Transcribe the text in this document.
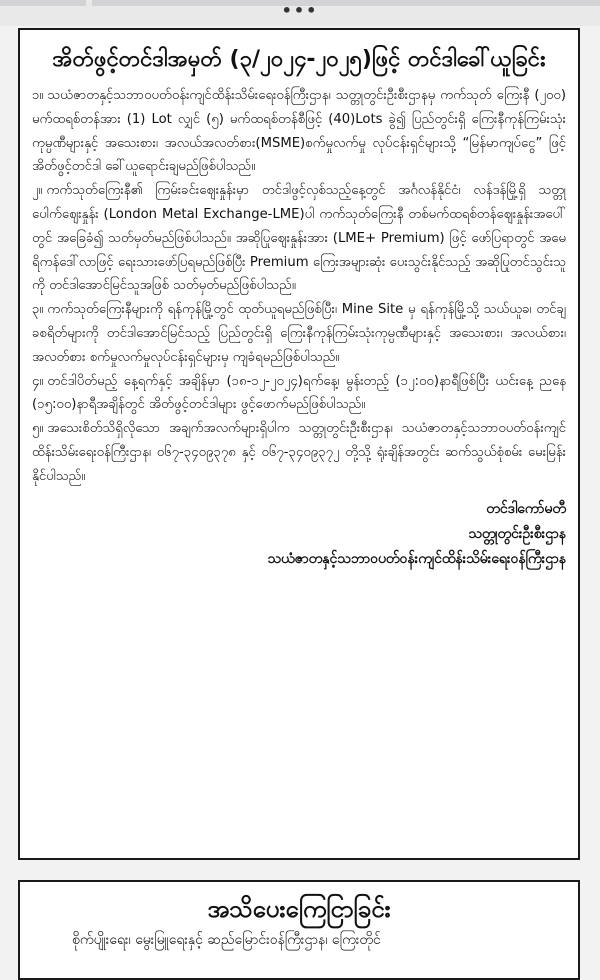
•••
အိတ်ဖွင့်တင်ဒါအမှတ် (၃/၂၀၂၄-၂၀၂၅)ဖြင့် တင်ဒါခေါ်ယူခြင်း

၁။ သယံဇာတနှင့်သဘာဝပတ်ဝန်းကျင်ထိန်းသိမ်းရေးဝန်ကြီးဌာန၊ သတ္တုတွင်းဦးစီးဌာနမှ ကက်သုတ် ကြေးနီ (၂၀၀) မက်ထရစ်တန်အား (1) Lot လျှင် (၅) မက်ထရစ်တန်စီဖြင့် (40)Lots ခွဲ၍ ပြည်တွင်းရှိ ကြေးနီကုန်ကြမ်းသုံးကုမ္ပဏီများနှင့် အသေးစား၊ အလယ်အလတ်စား(MSME)စက်မှုလက်မှု လုပ်ငန်းရှင်များသို့ “မြန်မာကျပ်ငွေ” ဖြင့် အိတ်ဖွင့်တင်ဒါ ခေါ်ယူရောင်းချမည်ဖြစ်ပါသည်။

၂။ ကက်သုတ်ကြေးနီ၏ ကြမ်းခင်းဈေးနှုန်းမှာ တင်ဒါဖွင့်လှစ်သည့်နေ့တွင် အင်္ဂလန်နိုင်ငံ၊ လန်ဒန်မြို့ရှိ သတ္တုပေါက်ဈေးနှုန်း (London Metal Exchange-LME)ပါ ကက်သုတ်ကြေးနီ တစ်မက်ထရစ်တန်ဈေးနှုန်းအပေါ်တွင် အခြေခံ၍ သတ်မှတ်မည်ဖြစ်ပါသည်။ အဆိုပြုဈေးနှုန်းအား (LME+ Premium) ဖြင့် ဖော်ပြရာတွင် အမေရိကန်ဒေါ်လာဖြင့် ရေးသားဖော်ပြရမည်ဖြစ်ပြီး Premium ကြေးအများဆုံး ပေးသွင်းနိုင်သည့် အဆိုပြုတင်သွင်းသူကို တင်ဒါအောင်မြင်သူအဖြစ် သတ်မှတ်မည်ဖြစ်ပါသည်။

၃။ ကက်သုတ်ကြေးနီများကို ရန်ကုန်မြို့တွင် ထုတ်ယူရမည်ဖြစ်ပြီး၊ Mine Site မှ ရန်ကုန်မြို့သို့ သယ်ယူခ၊ တင်ချခစရိတ်များကို တင်ဒါအောင်မြင်သည့် ပြည်တွင်းရှိ ကြေးနီကုန်ကြမ်းသုံးကုမ္ပဏီများနှင့် အသေးစား၊ အလယ်စား၊ အလတ်စား စက်မှုလက်မှုလုပ်ငန်းရှင်များမှ ကျခံရမည်ဖြစ်ပါသည်။

၄။ တင်ဒါပိတ်မည့် နေ့ရက်နှင့် အချိန်မှာ (၁၈-၁၂-၂၀၂၄)ရက်နေ့၊ မွန်းတည့် (၁၂:၀၀)နာရီဖြစ်ပြီး ယင်းနေ့ ညနေ (၁၅:၀၀)နာရီအချိန်တွင် အိတ်ဖွင့်တင်ဒါများ ဖွင့်ဖောက်မည်ဖြစ်ပါသည်။

၅။ အသေးစိတ်သိရှိလိုသော အချက်အလက်များရှိပါက သတ္တုတွင်းဦးစီးဌာန၊ သယံဇာတနှင့်သဘာဝပတ်ဝန်းကျင်ထိန်းသိမ်းရေးဝန်ကြီးဌာန၊ ၀၆၇-၃၄၀၉၃၇၈ နှင့် ၀၆၇-၃၄၀၉၃၇၂ တို့သို့ ရုံးချိန်အတွင်း ဆက်သွယ်စုံစမ်း မေးမြန်းနိုင်ပါသည်။

တင်ဒါကော်မတီ
သတ္တုတွင်းဦးစီးဌာန
သယံဇာတနှင့်သဘာဝပတ်ဝန်းကျင်ထိန်းသိမ်းရေးဝန်ကြီးဌာန
အသိပေးကြေငြာခြင်း

စိုက်ပျိုးရေး၊ မွေးမြူရေးနှင့် ဆည်မြောင်းဝန်ကြီးဌာန၊ ကြေးတိုင်
